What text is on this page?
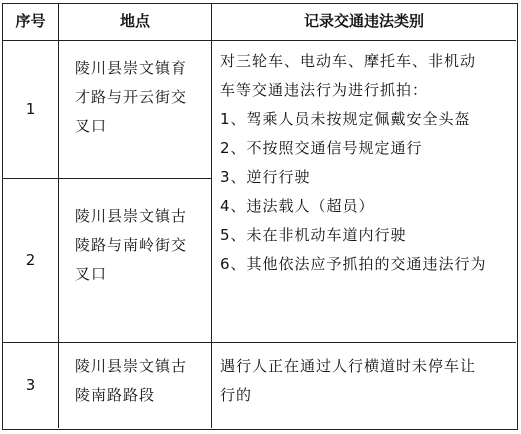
序号	地点	记录交通违法类别
1
陵川县崇文镇育
才路与开云街交
叉口
2
陵川县崇文镇古
陵路与南岭街交
叉口
对三轮车、电动车、摩托车、非机动
车等交通违法行为进行抓拍：
1、驾乘人员未按规定佩戴安全头盔
2、不按照交通信号规定通行
3、逆行行驶
4、违法载人（超员）
5、未在非机动车道内行驶
6、其他依法应予抓拍的交通违法行为
3
陵川县崇文镇古
陵南路路段
遇行人正在通过人行横道时未停车让
行的
